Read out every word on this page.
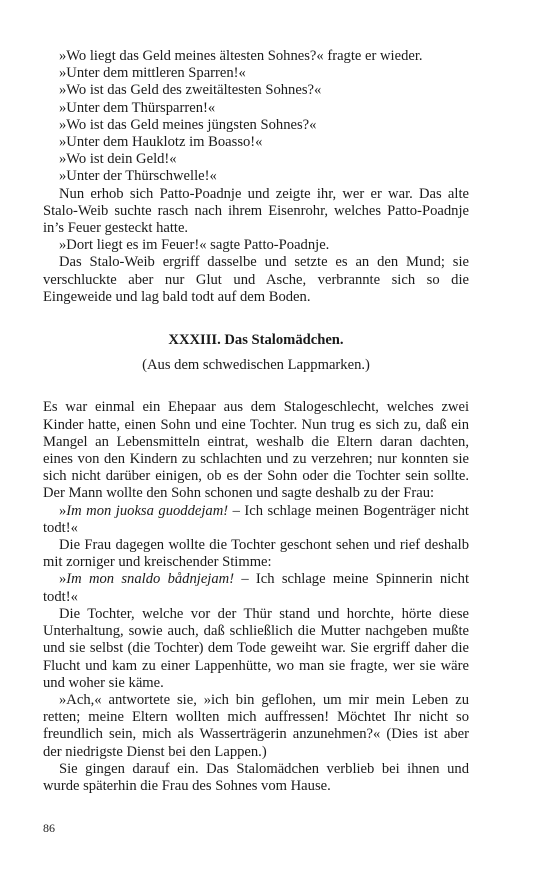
»Wo liegt das Geld meines ältesten Sohnes?« fragte er wieder.

»Unter dem mittleren Sparren!«

»Wo ist das Geld des zweitältesten Sohnes?«

»Unter dem Thürsparren!«

»Wo ist das Geld meines jüngsten Sohnes?«

»Unter dem Hauklotz im Boasso!«

»Wo ist dein Geld!«

»Unter der Thürschwelle!«

Nun erhob sich Patto-Poadnje und zeigte ihr, wer er war. Das alte Stalo-Weib suchte rasch nach ihrem Eisenrohr, welches Patto-Poadnje in’s Feuer gesteckt hatte.

»Dort liegt es im Feuer!« sagte Patto-Poadnje.

Das Stalo-Weib ergriff dasselbe und setzte es an den Mund; sie verschluckte aber nur Glut und Asche, verbrannte sich so die Eingeweide und lag bald todt auf dem Boden.

XXXIII. Das Stalomädchen.

(Aus dem schwedischen Lappmarken.)

Es war einmal ein Ehepaar aus dem Stalogeschlecht, welches zwei Kinder hatte, einen Sohn und eine Tochter. Nun trug es sich zu, daß ein Mangel an Lebensmitteln eintrat, weshalb die Eltern daran dachten, eines von den Kindern zu schlachten und zu verzehren; nur konnten sie sich nicht darüber einigen, ob es der Sohn oder die Tochter sein sollte. Der Mann wollte den Sohn schonen und sagte deshalb zu der Frau:

»Im mon juoksa guoddejam! – Ich schlage meinen Bogenträger nicht todt!«

Die Frau dagegen wollte die Tochter geschont sehen und rief deshalb mit zorniger und kreischender Stimme:

»Im mon snaldo bådnjejam! – Ich schlage meine Spinnerin nicht todt!«

Die Tochter, welche vor der Thür stand und horchte, hörte diese Unterhaltung, sowie auch, daß schließlich die Mutter nachgeben mußte und sie selbst (die Tochter) dem Tode geweiht war. Sie ergriff daher die Flucht und kam zu einer Lappenhütte, wo man sie fragte, wer sie wäre und woher sie käme.

»Ach,« antwortete sie, »ich bin geflohen, um mir mein Leben zu retten; meine Eltern wollten mich auffressen! Möchtet Ihr nicht so freundlich sein, mich als Wasserträgerin anzunehmen?« (Dies ist aber der niedrigste Dienst bei den Lappen.)

Sie gingen darauf ein. Das Stalomädchen verblieb bei ihnen und wurde späterhin die Frau des Sohnes vom Hause.

86
